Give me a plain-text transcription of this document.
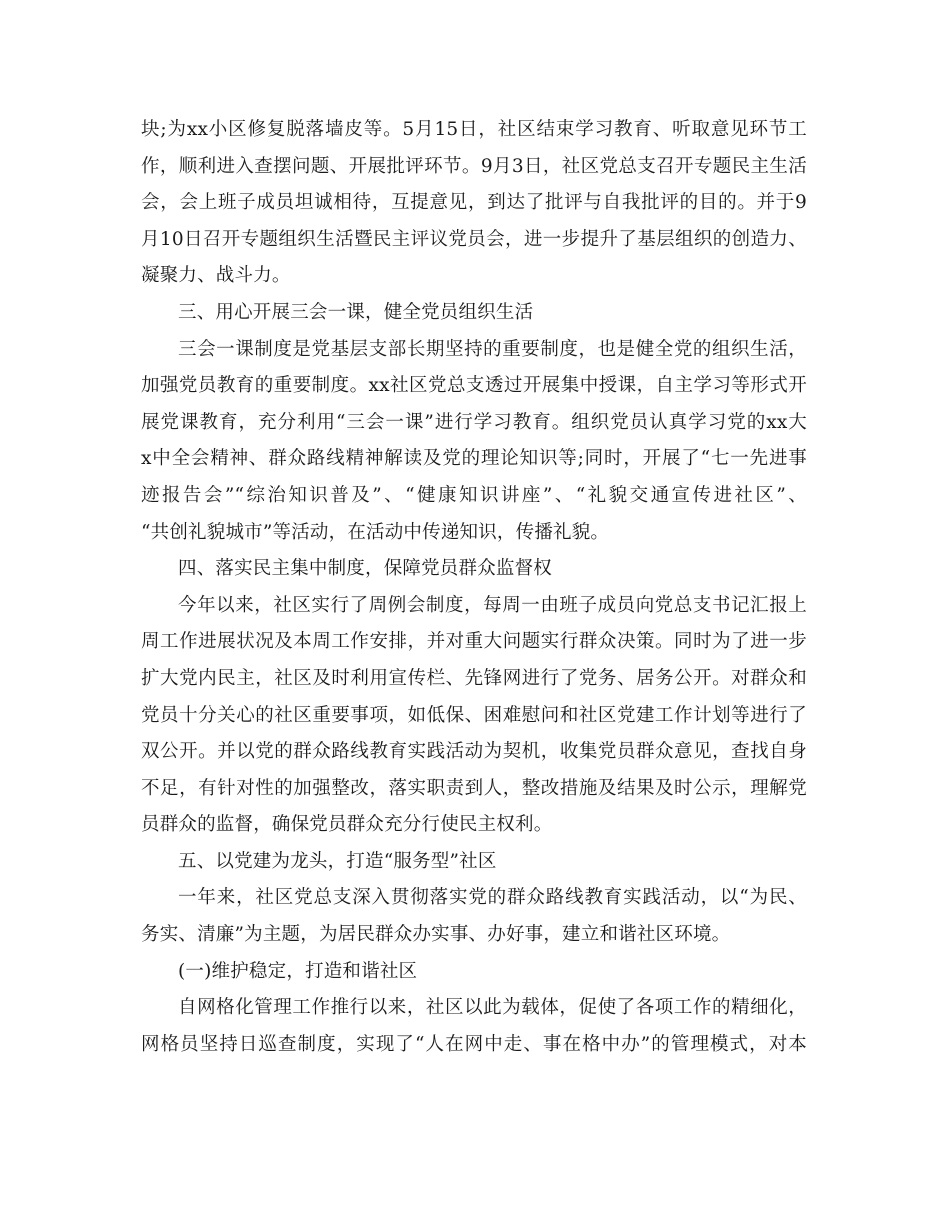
块;为xx小区修复脱落墙皮等。5月15日，社区结束学习教育、听取意见环节工
作，顺利进入查摆问题、开展批评环节。9月3日，社区党总支召开专题民主生活
会，会上班子成员坦诚相待，互提意见，到达了批评与自我批评的目的。并于9
月10日召开专题组织生活暨民主评议党员会，进一步提升了基层组织的创造力、
凝聚力、战斗力。
三、用心开展三会一课，健全党员组织生活
三会一课制度是党基层支部长期坚持的重要制度，也是健全党的组织生活，
加强党员教育的重要制度。xx社区党总支透过开展集中授课，自主学习等形式开
展党课教育，充分利用“三会一课”进行学习教育。组织党员认真学习党的xx大
x中全会精神、群众路线精神解读及党的理论知识等;同时，开展了“七一先进事
迹报告会”“综治知识普及”、“健康知识讲座”、“礼貌交通宣传进社区”、
“共创礼貌城市”等活动，在活动中传递知识，传播礼貌。
四、落实民主集中制度，保障党员群众监督权
今年以来，社区实行了周例会制度，每周一由班子成员向党总支书记汇报上
周工作进展状况及本周工作安排，并对重大问题实行群众决策。同时为了进一步
扩大党内民主，社区及时利用宣传栏、先锋网进行了党务、居务公开。对群众和
党员十分关心的社区重要事项，如低保、困难慰问和社区党建工作计划等进行了
双公开。并以党的群众路线教育实践活动为契机，收集党员群众意见，查找自身
不足，有针对性的加强整改，落实职责到人，整改措施及结果及时公示，理解党
员群众的监督，确保党员群众充分行使民主权利。
五、以党建为龙头，打造“服务型”社区
一年来，社区党总支深入贯彻落实党的群众路线教育实践活动，以“为民、
务实、清廉”为主题，为居民群众办实事、办好事，建立和谐社区环境。
(一)维护稳定，打造和谐社区
自网格化管理工作推行以来，社区以此为载体，促使了各项工作的精细化，
网格员坚持日巡查制度，实现了“人在网中走、事在格中办”的管理模式，对本
